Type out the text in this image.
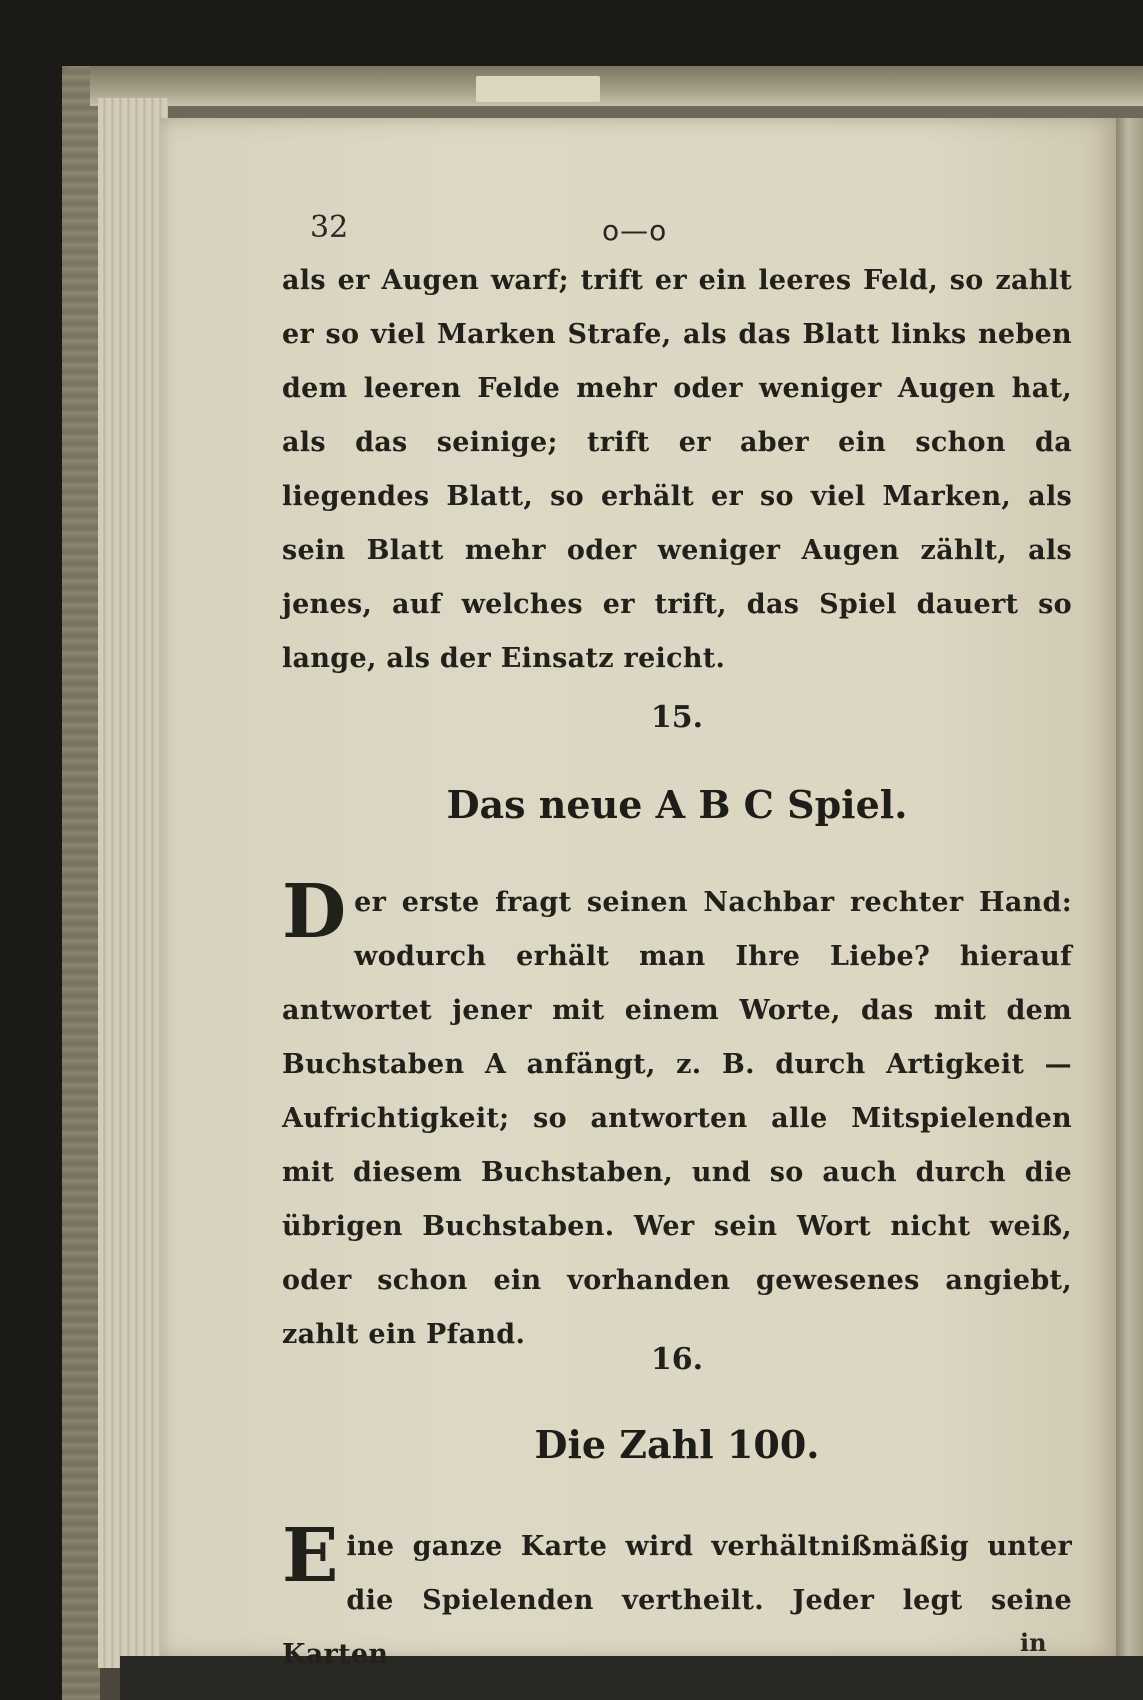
32	o—o

als er Augen warf; trift er ein leeres Feld, so zahlt er so viel Marken Strafe, als das Blatt links neben dem leeren Felde mehr oder weniger Augen hat, als das seinige; trift er aber ein schon da liegendes Blatt, so erhält er so viel Marken, als sein Blatt mehr oder weniger Augen zählt, als jenes, auf welches er trift, das Spiel dauert so lange, als der Einsatz reicht.

15.
Das neue A B C Spiel.
D er erste fragt seinen Nachbar rechter Hand: wodurch erhält man Ihre Liebe? hierauf antwortet jener mit einem Worte, das mit dem Buchstaben A anfängt, z. B. durch Artigkeit — Aufrichtigkeit; so antworten alle Mitspielenden mit diesem Buchstaben, und so auch durch die übrigen Buchstaben. Wer sein Wort nicht weiß, oder schon ein vorhanden gewesenes angiebt, zahlt ein Pfand.

16.
Die Zahl 100.
E ine ganze Karte wird verhältnißmäßig unter die Spielenden vertheilt. Jeder legt seine Karten	in
